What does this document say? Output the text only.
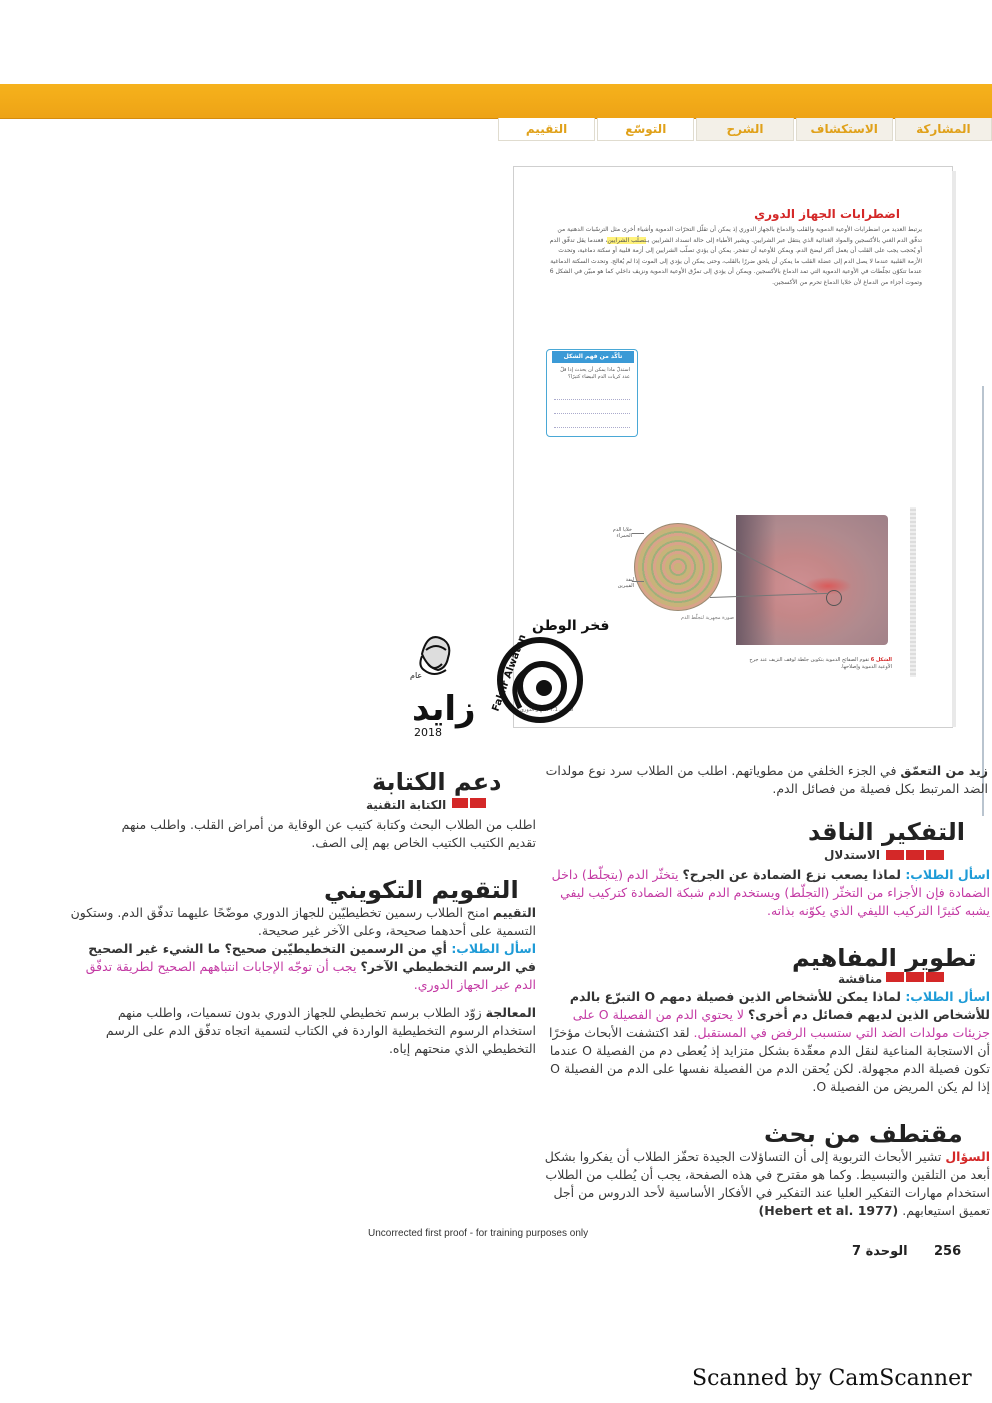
المشاركة
الاستكشاف
الشرح
التوسّع
التقييم
اضطرابات الجهاز الدوري
يرتبط العديد من اضطرابات الأوعية الدموية والقلب والدماغ بالجهاز الدوري إذ يمكن أن تقلّل التحرّات الدموية وأشياء أخرى مثل الترسّبات الدهنية من تدفّق الدم الغني بالأكسجين والمواد الغذائية الذي ينتقل عبر الشرايين. ويشير الأطباء إلى حالة انسداد الشرايين بـتصلّب الشرايين، فعندما يقل تدفّق الدم أو يُحجب يجب على القلب أن يعمل أكثر ليضخ الدم. ويمكن للأوعية أن تنفجر. يمكن أن يؤدي تصلّب الشرايين إلى أزمة قلبية أو سكتة دماغية، وتحدث الأزمة القلبية عندما لا يصل الدم إلى عضلة القلب ما يمكن أن يلحق ضررًا بالقلب، وحتى يمكن أن يؤدي إلى الموت إذا لم يُعالج. وتحدث السكتة الدماغية عندما تتكوّن تجلّطات في الأوعية الدموية التي تمد الدماغ بالأكسجين. ويمكن أن يؤدي إلى تمزّق الأوعية الدموية ونزيف داخلي كما هو مبيّن في الشكل 6 وتموت أجزاء من الدماغ لأن خلايا الدماغ تحرم من الأكسجين.
تأكّد من فهم الشكل
استدلّ ماذا يمكن أن يحدث إذا قلّ عدد كريات الدم البيضاء كثيرًا؟
خلايا الدم الحمراء
ليفة الفيبرين
صورة مجهرية لتجلّط الدم
الشكل 6 تقوم الصفائح الدموية بتكوين جلطة لوقف النزيف عند جرح الأوعية الدموية وإصلاحها.
الدرس 7.1 الجهاز الدوري
عام
زايد
2018
فخر الوطن
Fakhr Alwatan
زيد من التعمّق في الجزء الخلفي من مطوياتهم. اطلب من الطلاب سرد نوع مولدات الضد المرتبط بكل فصيلة من فصائل الدم.
التفكير الناقد
الاستدلال
اسأل الطلاب: لماذا يصعب نزع الضمادة عن الجرح؟ يتخثّر الدم (يتجلّط) داخل الضمادة فإن الأجزاء من التخثّر (التجلّط) ويستخدم الدم شبكة الضمادة كتركيب ليفي يشبه كثيرًا التركيب الليفي الذي يكوّنه بذاته.
تطوير المفاهيم
مناقشة
اسأل الطلاب: لماذا يمكن للأشخاص الذين فصيلة دمهم O التبرّع بالدم للأشخاص الذين لديهم فصائل دم أخرى؟ لا يحتوي الدم من الفصيلة O على جزيئات مولدات الضد التي ستسبب الرفض في المستقبل. لقد اكتشفت الأبحاث مؤخرًا أن الاستجابة المناعية لنقل الدم معقّدة بشكل متزايد إذ يُعطى دم من الفصيلة O عندما تكون فصيلة الدم مجهولة. لكن يُحقن الدم من الفصيلة نفسها على الدم من الفصيلة O إذا لم يكن المريض من الفصيلة O.
مقتطف من بحث
السؤال تشير الأبحاث التربوية إلى أن التساؤلات الجيدة تحفّز الطلاب أن يفكروا بشكل أبعد من التلقين والتبسيط. وكما هو مقترح في هذه الصفحة، يجب أن يُطلب من الطلاب استخدام مهارات التفكير العليا عند التفكير في الأفكار الأساسية لأحد الدروس من أجل تعميق استيعابهم. (Hebert et al. 1977)
دعم الكتابة
الكتابة التقنية
اطلب من الطلاب البحث وكتابة كتيب عن الوقاية من أمراض القلب. واطلب منهم تقديم الكتيب الكتيب الخاص بهم إلى الصف.
التقويم التكويني
التقييم امنح الطلاب رسمين تخطيطيّين للجهاز الدوري موضّحًا عليهما تدفّق الدم. وستكون التسمية على أحدهما صحيحة، وعلى الآخر غير صحيحة.
اسأل الطلاب: أي من الرسمين التخطيطيّين صحيح؟ ما الشيء غير الصحيح في الرسم التخطيطي الآخر؟ يجب أن توجّه الإجابات انتباههم الصحيح لطريقة تدفّق الدم عبر الجهاز الدوري.
المعالجة زوّد الطلاب برسم تخطيطي للجهاز الدوري بدون تسميات، واطلب منهم استخدام الرسوم التخطيطية الواردة في الكتاب لتسمية اتجاه تدفّق الدم على الرسم التخطيطي الذي منحتهم إياه.
Uncorrected first proof - for training purposes only
الوحدة 7 256
Scanned by CamScanner
